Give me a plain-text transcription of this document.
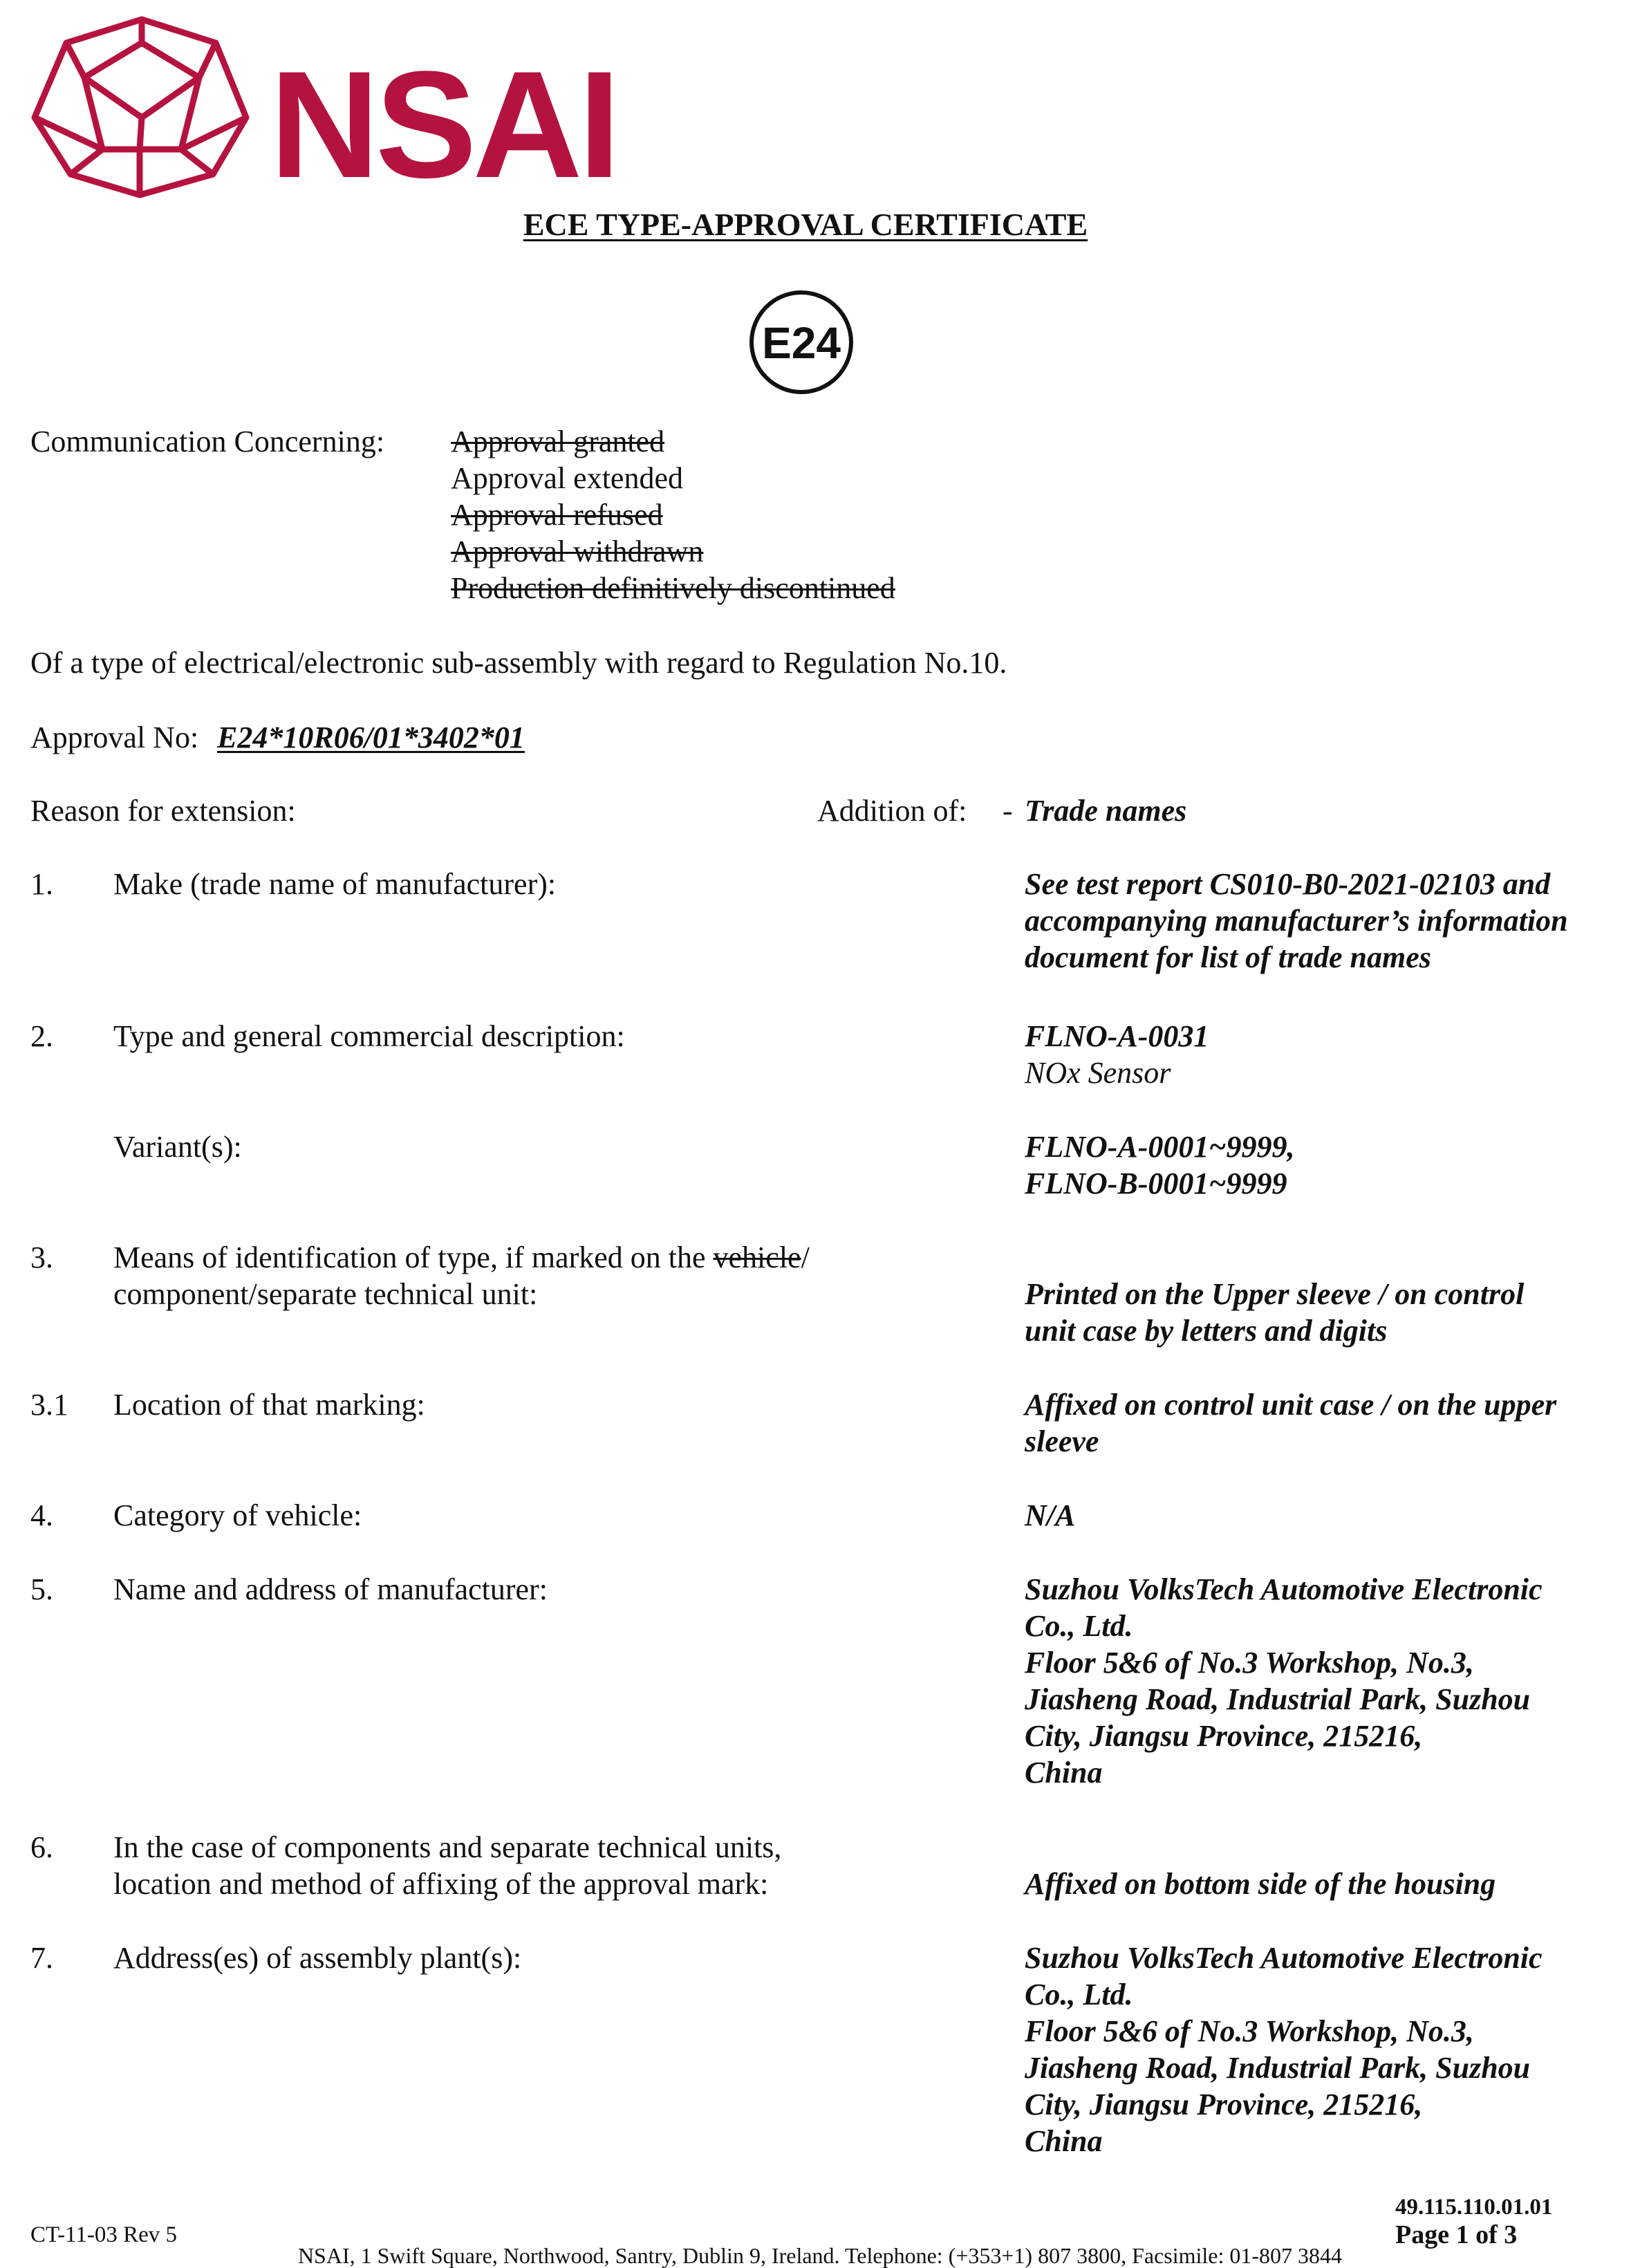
NSAI
ECE TYPE-APPROVAL CERTIFICATE
E24
Communication Concerning: Approval granted
Approval extended
Approval refused
Approval withdrawn
Production definitively discontinued
Of a type of electrical/electronic sub-assembly with regard to Regulation No.10.
Approval No: E24*10R06/01*3402*01
Reason for extension:	Addition of: - Trade names
1. Make (trade name of manufacturer):	See test report CS010-B0-2021-02103 and
accompanying manufacturer’s information
document for list of trade names
2. Type and general commercial description:	FLNO-A-0031
NOx Sensor
Variant(s):	FLNO-A-0001~9999,
FLNO-B-0001~9999
3. Means of identification of type, if marked on the vehicle/
component/separate technical unit:	Printed on the Upper sleeve / on control
unit case by letters and digits
3.1 Location of that marking:	Affixed on control unit case / on the upper
sleeve
4. Category of vehicle:	N/A
5. Name and address of manufacturer:	Suzhou VolksTech Automotive Electronic
Co., Ltd.
Floor 5&6 of No.3 Workshop, No.3,
Jiasheng Road, Industrial Park, Suzhou
City, Jiangsu Province, 215216,
China
6. In the case of components and separate technical units,
location and method of affixing of the approval mark:	Affixed on bottom side of the housing
7. Address(es) of assembly plant(s):	Suzhou VolksTech Automotive Electronic
Co., Ltd.
Floor 5&6 of No.3 Workshop, No.3,
Jiasheng Road, Industrial Park, Suzhou
City, Jiangsu Province, 215216,
China
CT-11-03 Rev 5
49.115.110.01.01
Page 1 of 3
NSAI, 1 Swift Square, Northwood, Santry, Dublin 9, Ireland. Telephone: (+353+1) 807 3800, Facsimile: 01-807 3844
